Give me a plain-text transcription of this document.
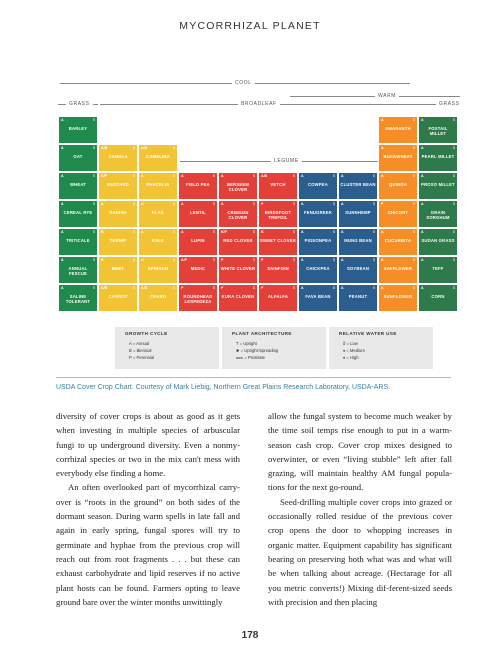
MYCORRHIZAL PLANET
COOL
WARM
GRASS	BROADLEAF	GRASS
LEGUME
A	δ
BARLEY
A	δ
OAT
A	δ
WHEAT
A	δ
CEREAL RYE
A	δ
TRITICALE
A	δ
ANNUAL FESCUE
A	δ
SALINE TOLERANT
A/B	δ
CANOLA
A/P	δ
MUSTARD
A	δ
RADISH
B	δ
TURNIP
B	δ
BEET
A/B	δ
CARROT
A/B	δ
CAMELINA
A	δ
PHACELIA
A	δ
FLAX
A	δ
KALE
A	δ
SPINACH
A/B	δ
CHARD
A	δ
FIELD PEA
A	δ
LENTIL
A	δ
LUPIN
A/P	δ
MEDIC
P	δ
ROUNDHEAD LESPEDEZA
A	δ
BERSEEM CLOVER
A	δ
CRIMSON CLOVER
B/P	δ
RED CLOVER
P	δ
WHITE CLOVER
P	δ
KURA CLOVER
A/B	δ
VETCH
P	δ
BIRDSFOOT TREFOIL
B	δ
SWEET CLOVER
P	δ
SAINFOIN
P	δ
ALFALFA
A	δ
COWPEA
A	δ
FENUGREEK
A	δ
PIGEONPEA
A	δ
CHICKPEA
A	δ
FAVA BEAN
A	δ
CLUSTER BEAN
A	δ
SUNNHEMP
A	δ
MUNG BEAN
A	δ
SOYBEAN
A	δ
PEANUT
A	δ
AMARANTH
A	δ
BUCKWHEAT
A	δ
QUINOA
P	δ
CHICORY
A	δ
CUCURBITA
A	δ
SAFFLOWER
A	δ
SUNFLOWER
A	δ
FOXTAIL MILLET
A	δ
PEARL MILLET
A	δ
PROSO MILLET
A	δ
GRAIN SORGHUM
A	δ
SUDAN GRASS
A	δ
TEFF
A	δ
CORN
GROWTH CYCLE
A = Annual
B = Biennial
P = Perennial
PLANT ARCHITECTURE
Ƭ = Upright
✱ = Upright-Spreading
⩶ = Prostrate
RELATIVE WATER USE
δ = Low
♦ = Medium
♦ = High
USDA Cover Crop Chart. Courtesy of Mark Liebig, Northern Great Plains Research Laboratory, USDA-ARS.

diversity of cover crops is about as good as it gets when investing in multiple species of arbuscular fungi to up underground diversity. Even a nonmy-corrhizal species or two in the mix can't mess with everybody else finding a home.

An often overlooked part of mycorrhizal carry-over is “roots in the ground” on both sides of the dormant season. During warm spells in late fall and again in early spring, fungal spores will try to germinate and hyphae from the previous crop will reach out from root fragments . . . but these can exhaust carbohydrate and lipid reserves if no active plant hosts can be found. Farmers opting to leave ground bare over the winter months unwittingly

allow the fungal system to become much weaker by the time soil temps rise enough to put in a warm-season cash crop. Cover crop mixes designed to overwinter, or even “living stubble” left after fall grazing, will maintain healthy AM fungal popula-tions for the next go-round.

Seed-drilling multiple cover crops into grazed or occasionally rolled residue of the previous cover crop opens the door to whopping increases in organic matter. Equipment capability has significant bearing on preserving both what was and what will be when talking about acreage. (Hectarage for all you metric converts!) Mixing dif-ferent-sized seeds with precision and then placing

178
